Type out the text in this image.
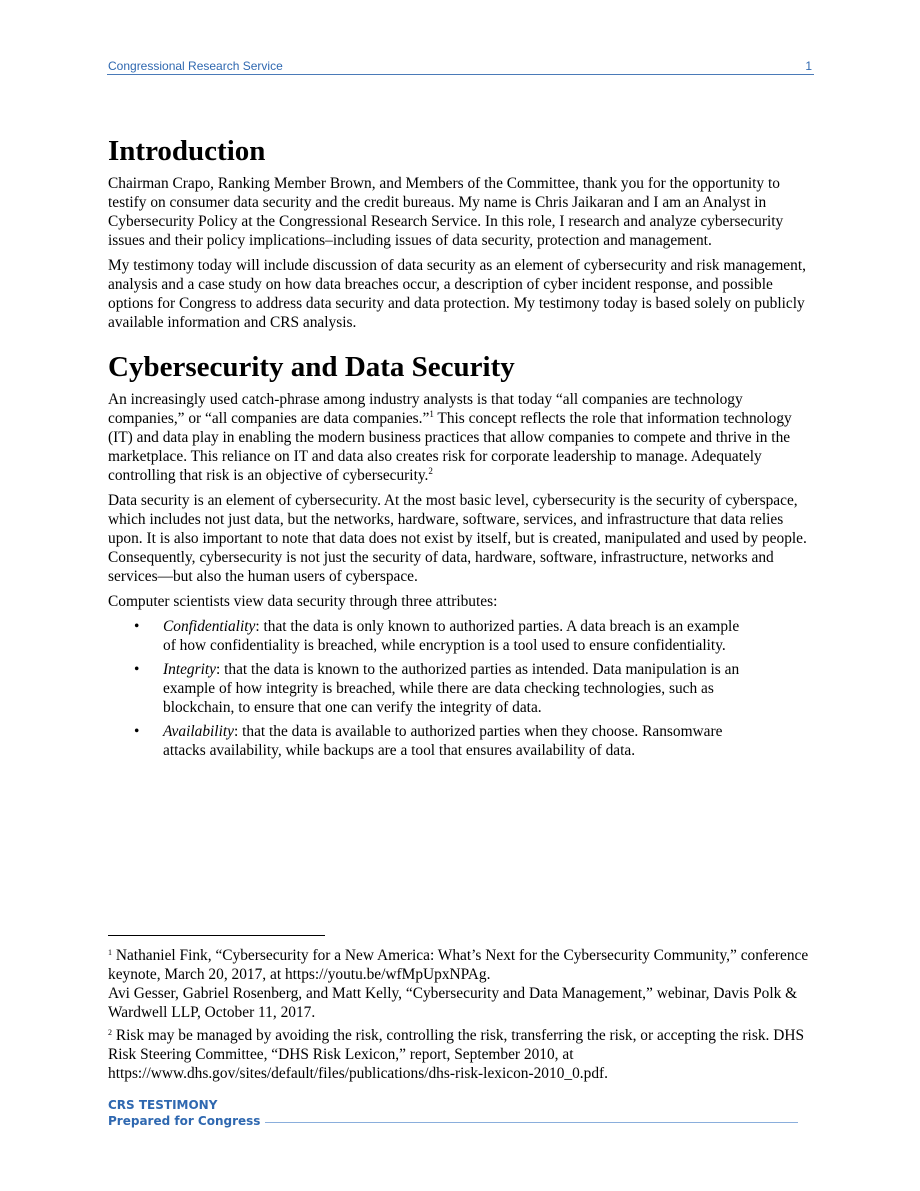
Congressional Research Service	1
Introduction

Chairman Crapo, Ranking Member Brown, and Members of the Committee, thank you for the opportunity to testify on consumer data security and the credit bureaus. My name is Chris Jaikaran and I am an Analyst in Cybersecurity Policy at the Congressional Research Service. In this role, I research and analyze cybersecurity issues and their policy implications–including issues of data security, protection and management.

My testimony today will include discussion of data security as an element of cybersecurity and risk management, analysis and a case study on how data breaches occur, a description of cyber incident response, and possible options for Congress to address data security and data protection. My testimony today is based solely on publicly available information and CRS analysis.

Cybersecurity and Data Security

An increasingly used catch-phrase among industry analysts is that today “all companies are technology companies,” or “all companies are data companies.”$^1$ This concept reflects the role that information technology (IT) and data play in enabling the modern business practices that allow companies to compete and thrive in the marketplace. This reliance on IT and data also creates risk for corporate leadership to manage. Adequately controlling that risk is an objective of cybersecurity.$^2$

Data security is an element of cybersecurity. At the most basic level, cybersecurity is the security of cyberspace, which includes not just data, but the networks, hardware, software, services, and infrastructure that data relies upon. It is also important to note that data does not exist by itself, but is created, manipulated and used by people. Consequently, cybersecurity is not just the security of data, hardware, software, infrastructure, networks and services—but also the human users of cyberspace.

Computer scientists view data security through three attributes:

• Confidentiality: that the data is only known to authorized parties. A data breach is an example of how confidentiality is breached, while encryption is a tool used to ensure confidentiality.
• Integrity: that the data is known to the authorized parties as intended. Data manipulation is an example of how integrity is breached, while there are data checking technologies, such as blockchain, to ensure that one can verify the integrity of data.
• Availability: that the data is available to authorized parties when they choose. Ransomware attacks availability, while backups are a tool that ensures availability of data.

$^1$ Nathaniel Fink, “Cybersecurity for a New America: What’s Next for the Cybersecurity Community,” conference keynote, March 20, 2017, at https://youtu.be/wfMpUpxNPAg.
Avi Gesser, Gabriel Rosenberg, and Matt Kelly, “Cybersecurity and Data Management,” webinar, Davis Polk & Wardwell LLP, October 11, 2017.

$^2$ Risk may be managed by avoiding the risk, controlling the risk, transferring the risk, or accepting the risk. DHS Risk Steering Committee, “DHS Risk Lexicon,” report, September 2010, at https://www.dhs.gov/sites/default/files/publications/dhs-risk-lexicon-2010_0.pdf.

CRS TESTIMONY
Prepared for Congress
